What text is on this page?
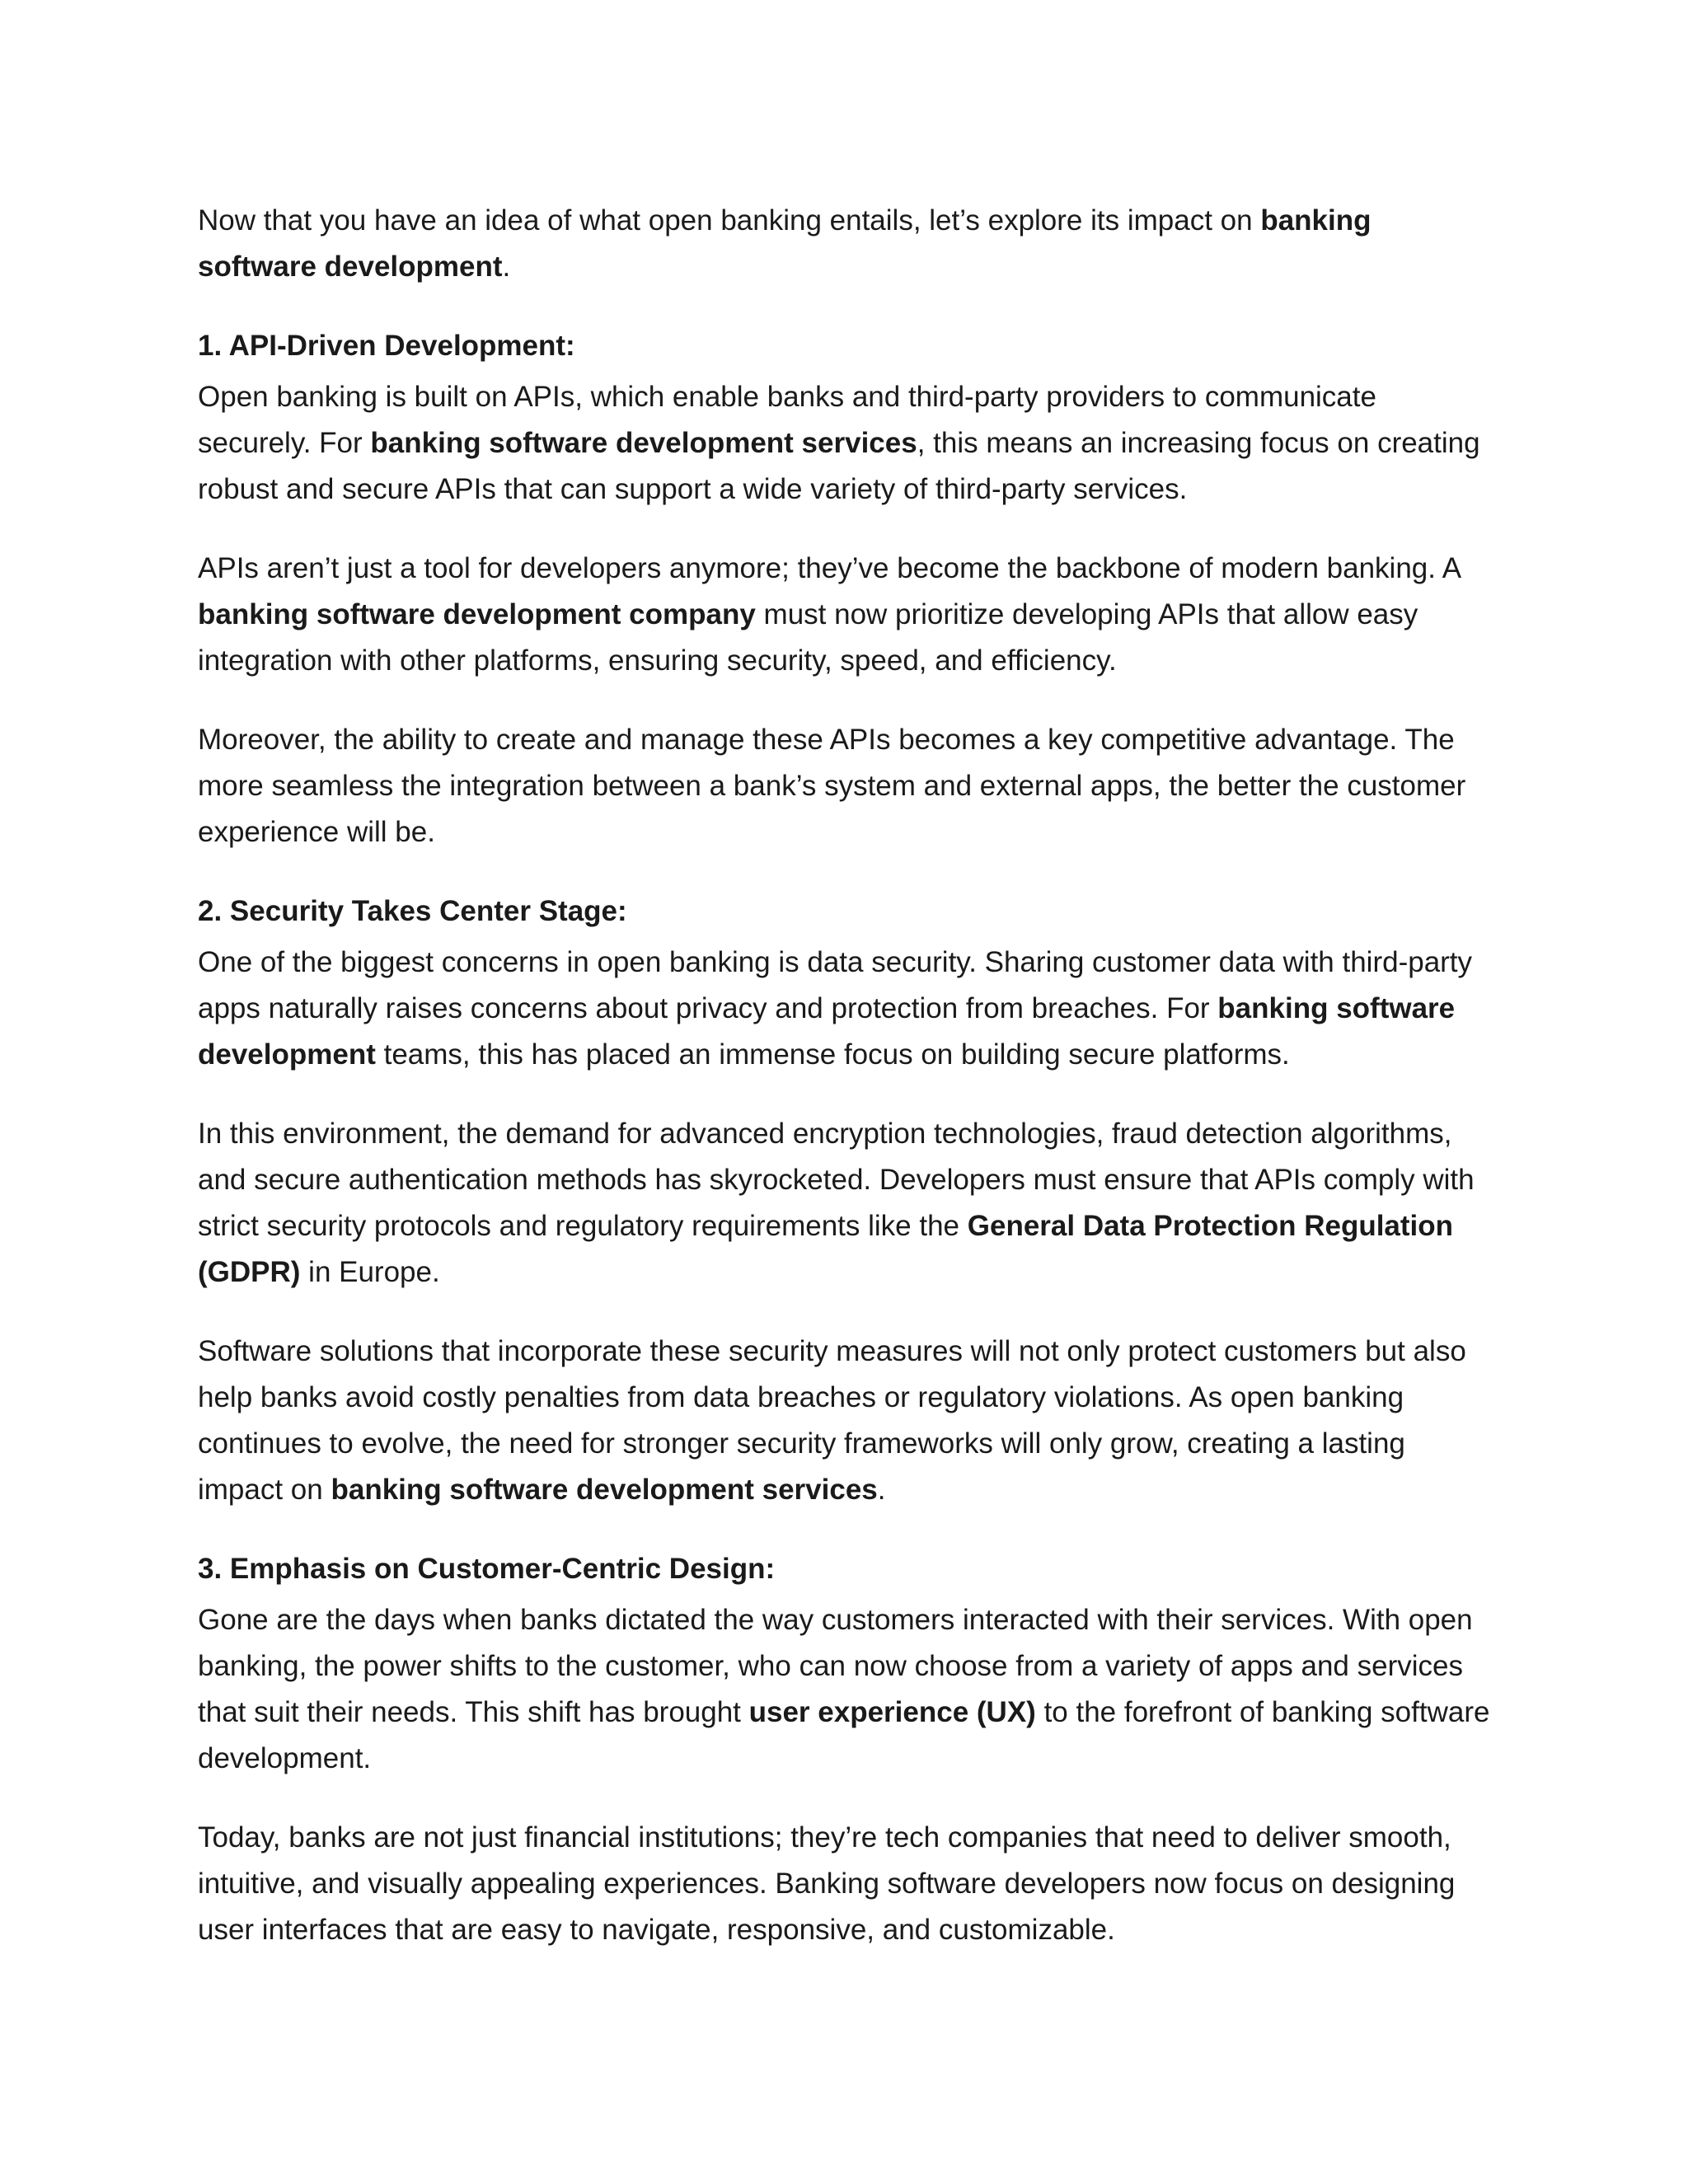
Now that you have an idea of what open banking entails, let’s explore its impact on banking software development.

1. API-Driven Development:

Open banking is built on APIs, which enable banks and third-party providers to communicate securely. For banking software development services, this means an increasing focus on creating robust and secure APIs that can support a wide variety of third-party services.

APIs aren’t just a tool for developers anymore; they’ve become the backbone of modern banking. A banking software development company must now prioritize developing APIs that allow easy integration with other platforms, ensuring security, speed, and efficiency.

Moreover, the ability to create and manage these APIs becomes a key competitive advantage. The more seamless the integration between a bank’s system and external apps, the better the customer experience will be.

2. Security Takes Center Stage:

One of the biggest concerns in open banking is data security. Sharing customer data with third-party apps naturally raises concerns about privacy and protection from breaches. For banking software development teams, this has placed an immense focus on building secure platforms.

In this environment, the demand for advanced encryption technologies, fraud detection algorithms, and secure authentication methods has skyrocketed. Developers must ensure that APIs comply with strict security protocols and regulatory requirements like the General Data Protection Regulation (GDPR) in Europe.

Software solutions that incorporate these security measures will not only protect customers but also help banks avoid costly penalties from data breaches or regulatory violations. As open banking continues to evolve, the need for stronger security frameworks will only grow, creating a lasting impact on banking software development services.

3. Emphasis on Customer-Centric Design:

Gone are the days when banks dictated the way customers interacted with their services. With open banking, the power shifts to the customer, who can now choose from a variety of apps and services that suit their needs. This shift has brought user experience (UX) to the forefront of banking software development.

Today, banks are not just financial institutions; they’re tech companies that need to deliver smooth, intuitive, and visually appealing experiences. Banking software developers now focus on designing user interfaces that are easy to navigate, responsive, and customizable.
